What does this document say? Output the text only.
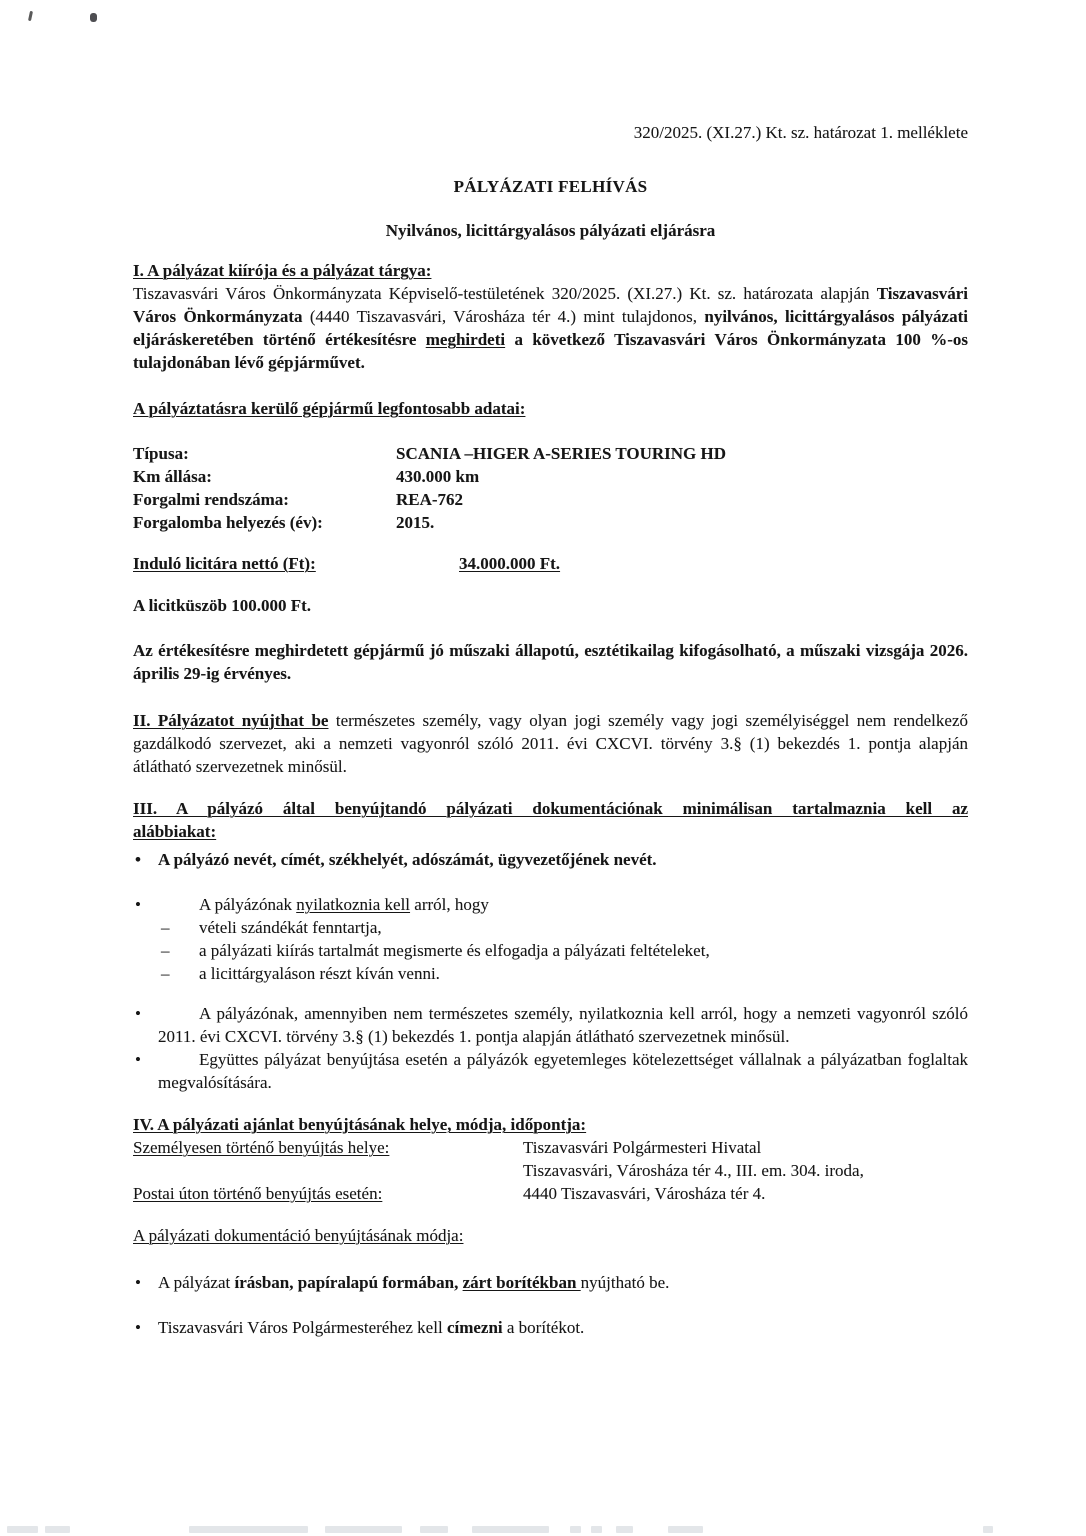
320/2025. (XI.27.) Kt. sz. határozat 1. melléklete
PÁLYÁZATI FELHÍVÁS
Nyilvános, licittárgyalásos pályázati eljárásra
I. A pályázat kiírója és a pályázat tárgya:

Tiszavasvári Város Önkormányzata Képviselő-testületének 320/2025. (XI.27.) Kt. sz. határozata alapján Tiszavasvári Város Önkormányzata (4440 Tiszavasvári, Városháza tér 4.) mint tulajdonos, nyilvános, licittárgyalásos pályázati eljáráskeretében történő értékesítésre meghirdeti a következő Tiszavasvári Város Önkormányzata 100 %-os tulajdonában lévő gépjárművet.

A pályáztatásra kerülő gépjármű legfontosabb adatai:
Típusa:	SCANIA –HIGER A-SERIES TOURING HD
Km állása:	430.000 km
Forgalmi rendszáma:	REA-762
Forgalomba helyezés (év):	2015.
Induló licitára nettó (Ft):	34.000.000 Ft.
A licitküszöb 100.000 Ft.

Az értékesítésre meghirdetett gépjármű jó műszaki állapotú, esztétikailag kifogásolható, a műszaki vizsgája 2026. április 29-ig érvényes.

II. Pályázatot nyújthat be természetes személy, vagy olyan jogi személy vagy jogi személyiséggel nem rendelkező gazdálkodó szervezet, aki a nemzeti vagyonról szóló 2011. évi CXCVI. törvény 3.§ (1) bekezdés 1. pontja alapján átlátható szervezetnek minősül.

III. A pályázó által benyújtandó pályázati dokumentációnak minimálisan tartalmaznia kell az
alábbiakat:
• A pályázó nevét, címét, székhelyét, adószámát, ügyvezetőjének nevét.
•	A pályázónak nyilatkoznia kell arról, hogy
– vételi szándékát fenntartja,
– a pályázati kiírás tartalmát megismerte és elfogadja a pályázati feltételeket,
– a licittárgyaláson részt kíván venni.
•	A pályázónak, amennyiben nem természetes személy, nyilatkoznia kell arról, hogy a nemzeti vagyonról szóló 2011. évi CXCVI. törvény 3.§ (1) bekezdés 1. pontja alapján átlátható szervezetnek minősül.
•	Együttes pályázat benyújtása esetén a pályázók egyetemleges kötelezettséget vállalnak a pályázatban foglaltak megvalósítására.
IV. A pályázati ajánlat benyújtásának helye, módja, időpontja:
Személyesen történő benyújtás helye:	Tiszavasvári Polgármesteri Hivatal
Tiszavasvári, Városháza tér 4., III. em. 304. iroda,
Postai úton történő benyújtás esetén:	4440 Tiszavasvári, Városháza tér 4.
A pályázati dokumentáció benyújtásának módja:
• A pályázat írásban, papíralapú formában, zárt borítékban nyújtható be.
• Tiszavasvári Város Polgármesteréhez kell címezni a borítékot.
